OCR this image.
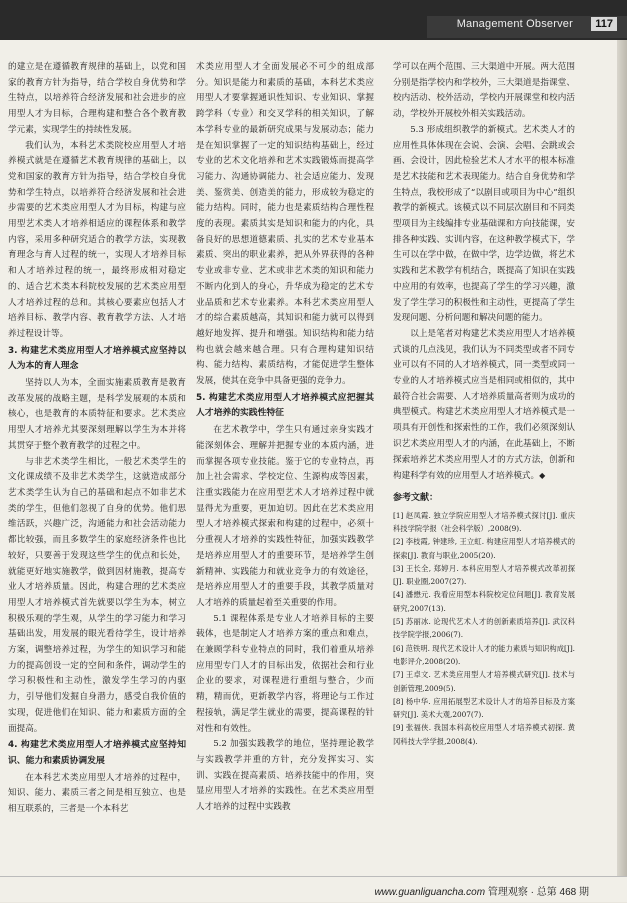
Management Observer	117

的建立是在遵循教育规律的基础上，以党和国家的教育方针为指导，结合学校自身优势和学生特点，以培养符合经济发展和社会进步的应用型人才为目标，合理构建和整合各个教育教学元素，实现学生的持续性发展。

我们认为，本科艺术类院校应用型人才培养模式就是在遵循艺术教育规律的基础上，以党和国家的教育方针为指导，结合学校自身优势和学生特点，以培养符合经济发展和社会进步需要的艺术类应用型人才为目标，构建与应用型艺术类人才培养相适应的课程体系和教学内容，采用多种研究适合的教学方法，实现教育理念与育人过程的统一，实现人才培养目标和人才培养过程的统一，最终形成相对稳定的、适合艺术类本科院校发展的艺术类应用型人才培养过程的总和。其核心要素应包括人才培养目标、教学内容、教育教学方法、人才培养过程设计等。

3. 构建艺术类应用型人才培养模式应坚持以人为本的育人理念

坚持以人为本，全面实施素质教育是教育改革发展的战略主题，是科学发展观的本质和核心，也是教育的本质特征和要求。艺术类应用型人才培养尤其要深刻理解以学生为本并将其贯穿于整个教育教学的过程之中。

与非艺术类学生相比，一般艺术类学生的文化课成绩不及非艺术类学生，这就造成部分艺术类学生认为自己的基础和起点不如非艺术类的学生，但他们忽视了自身的优势。他们思维活跃，兴趣广泛，沟通能力和社会活动能力都比较强，而且多数学生的家庭经济条件也比较好，只要善于发现这些学生的优点和长处，就能更好地实施教学，做到因材施教，提高专业人才培养质量。因此，构建合理的艺术类应用型人才培养模式首先就要以学生为本，树立积极乐观的学生观，从学生的学习能力和学习基础出发，用发展的眼光看待学生，设计培养方案，调整培养过程，为学生的知识学习和能力的提高创设一定的空间和条件，调动学生的学习积极性和主动性，激发学生学习的内驱力，引导他们发掘自身潜力，感受自我价值的实现，促进他们在知识、能力和素质方面的全面提高。

4. 构建艺术类应用型人才培养模式应坚持知识、能力和素质协调发展

在本科艺术类应用型人才培养的过程中，知识、能力、素质三者之间是相互独立、也是相互联系的，三者是一个本科艺

术类应用型人才全面发展必不可少的组成部分。知识是能力和素质的基础，本科艺术类应用型人才要掌握通识性知识、专业知识、掌握跨学科（专业）和交叉学科的相关知识，了解本学科专业的最新研究成果与发展动态；能力是在知识掌握了一定的知识结构基础上，经过专业的艺术文化培养和艺术实践锻炼而提高学习能力、沟通协调能力、社会适应能力、发现美、鉴赏美、创造美的能力，形成较为稳定的能力结构。同时，能力也是素质结构合理性程度的表现。素质其实是知识和能力的内化，具备良好的思想道德素质、扎实的艺术专业基本素质、突出的职业素养，把从外界获得的各种专业或非专业、艺术或非艺术类的知识和能力不断内化到人的身心，升华成为稳定的艺术专业品质和艺术专业素养。本科艺术类应用型人才的综合素质越高，其知识和能力就可以得到越好地发挥、提升和增强。知识结构和能力结构也就会越来越合理。只有合理构建知识结构、能力结构、素质结构，才能促进学生整体发展，使其在竞争中具备更强的竞争力。

5. 构建艺术类应用型人才培养模式应把握其人才培养的实践性特征

在艺术教学中，学生只有通过亲身实践才能深刻体会、理解并把握专业的本质内涵，进而掌握各项专业技能。鉴于它的专业特点，再加上社会需求、学校定位、生源构成等因素，注重实践能力在应用型艺术人才培养过程中就显得尤为重要，更加迫切。因此在艺术类应用型人才培养模式探索和构建的过程中，必须十分重视人才培养的实践性特征，加强实践教学是培养应用型人才的重要环节，是培养学生创新精神、实践能力和就业竞争力的有效途径，是培养应用型人才的重要手段，其教学质量对人才培养的质量起着至关重要的作用。

5.1 课程体系是专业人才培养目标的主要载体，也是制定人才培养方案的重点和难点，在兼顾学科专业特点的同时，我们着重从培养应用型专门人才的目标出发，依据社会和行业企业的要求，对课程进行重组与整合，少而精，精而优，更新教学内容，将理论与工作过程接轨，满足学生就业的需要，提高课程的针对性和有效性。

5.2 加强实践教学的地位，坚持理论教学与实践教学并重的方针，充分发挥实习、实训、实践在提高素质、培养技能中的作用，突显应用型人才培养的实践性。在艺术类应用型人才培养的过程中实践教

学可以在两个范围、三大渠道中开展。两大范围分别是指学校内和学校外，三大渠道是指课堂、校内活动、校外活动，学校内开展课堂和校内活动，学校外开展校外相关实践活动。

5.3 形成组织教学的新模式。艺术类人才的应用性具体体现在会说、会演、会唱、会跳或会画、会设计，因此检验艺术人才水平的根本标准是艺术技能和艺术表现能力。结合自身优势和学生特点，我校形成了“以剧目或项目为中心”组织教学的新模式。该模式以不同层次剧目和不同类型项目为主线编排专业基础课和方向技能课，安排各种实践、实训内容，在这种教学模式下，学生可以在学中做，在做中学，边学边做，将艺术实践和艺术教学有机结合，既提高了知识在实践中应用的有效率，也提高了学生的学习兴趣，激发了学生学习的积极性和主动性，更提高了学生发现问题、分析问题和解决问题的能力。

以上是笔者对构建艺术类应用型人才培养模式谈的几点浅见，我们认为不同类型或者不同专业可以有不同的人才培养模式，同一类型或同一专业的人才培养模式应当是相同或相似的，其中最符合社会需要、人才培养质量高者则为成功的典型模式。构建艺术类应用型人才培养模式是一项具有开创性和探索性的工作，我们必须深刻认识艺术类应用型人才的内涵，在此基础上，不断探索培养艺术类应用型人才的方式方法，创新和构建科学有效的应用型人才培养模式。◆

参考文献：
[1] 赵凤霞. 独立学院应用型人才培养模式探讨[J]. 重庆科技学院学报（社会科学版）,2008(9).
[2] 李枝霞, 钟建珍, 王立虹. 构建应用型人才培养模式的探索[J]. 教育与职业,2005(20).
[3] 王长全, 郑婷月. 本科应用型人才培养模式改革初探[J]. 职业圈,2007(27).
[4] 潘懋元. 我看应用型本科院校定位问题[J]. 教育发展研究,2007(13).
[5] 苏丽冰. 论现代艺术人才的创新素质培养[J]. 武汉科技学院学报,2006(7).
[6] 范铁明. 现代艺术设计人才的能力素质与知识构成[J]. 电影评介,2008(20).
[7] 王卓文. 艺术类应用型人才培养模式研究[J]. 技术与创新管理,2009(5).
[8] 杨中华. 应用拓展型艺术设计人才的培养目标及方案研究[J]. 美术大观,2007(7).
[9] 张福侠. 我国本科高校应用型人才培养模式初探. 黄冈科技大学学报,2008(4).
www.guanliguancha.com 管理观察 · 总第 468 期
